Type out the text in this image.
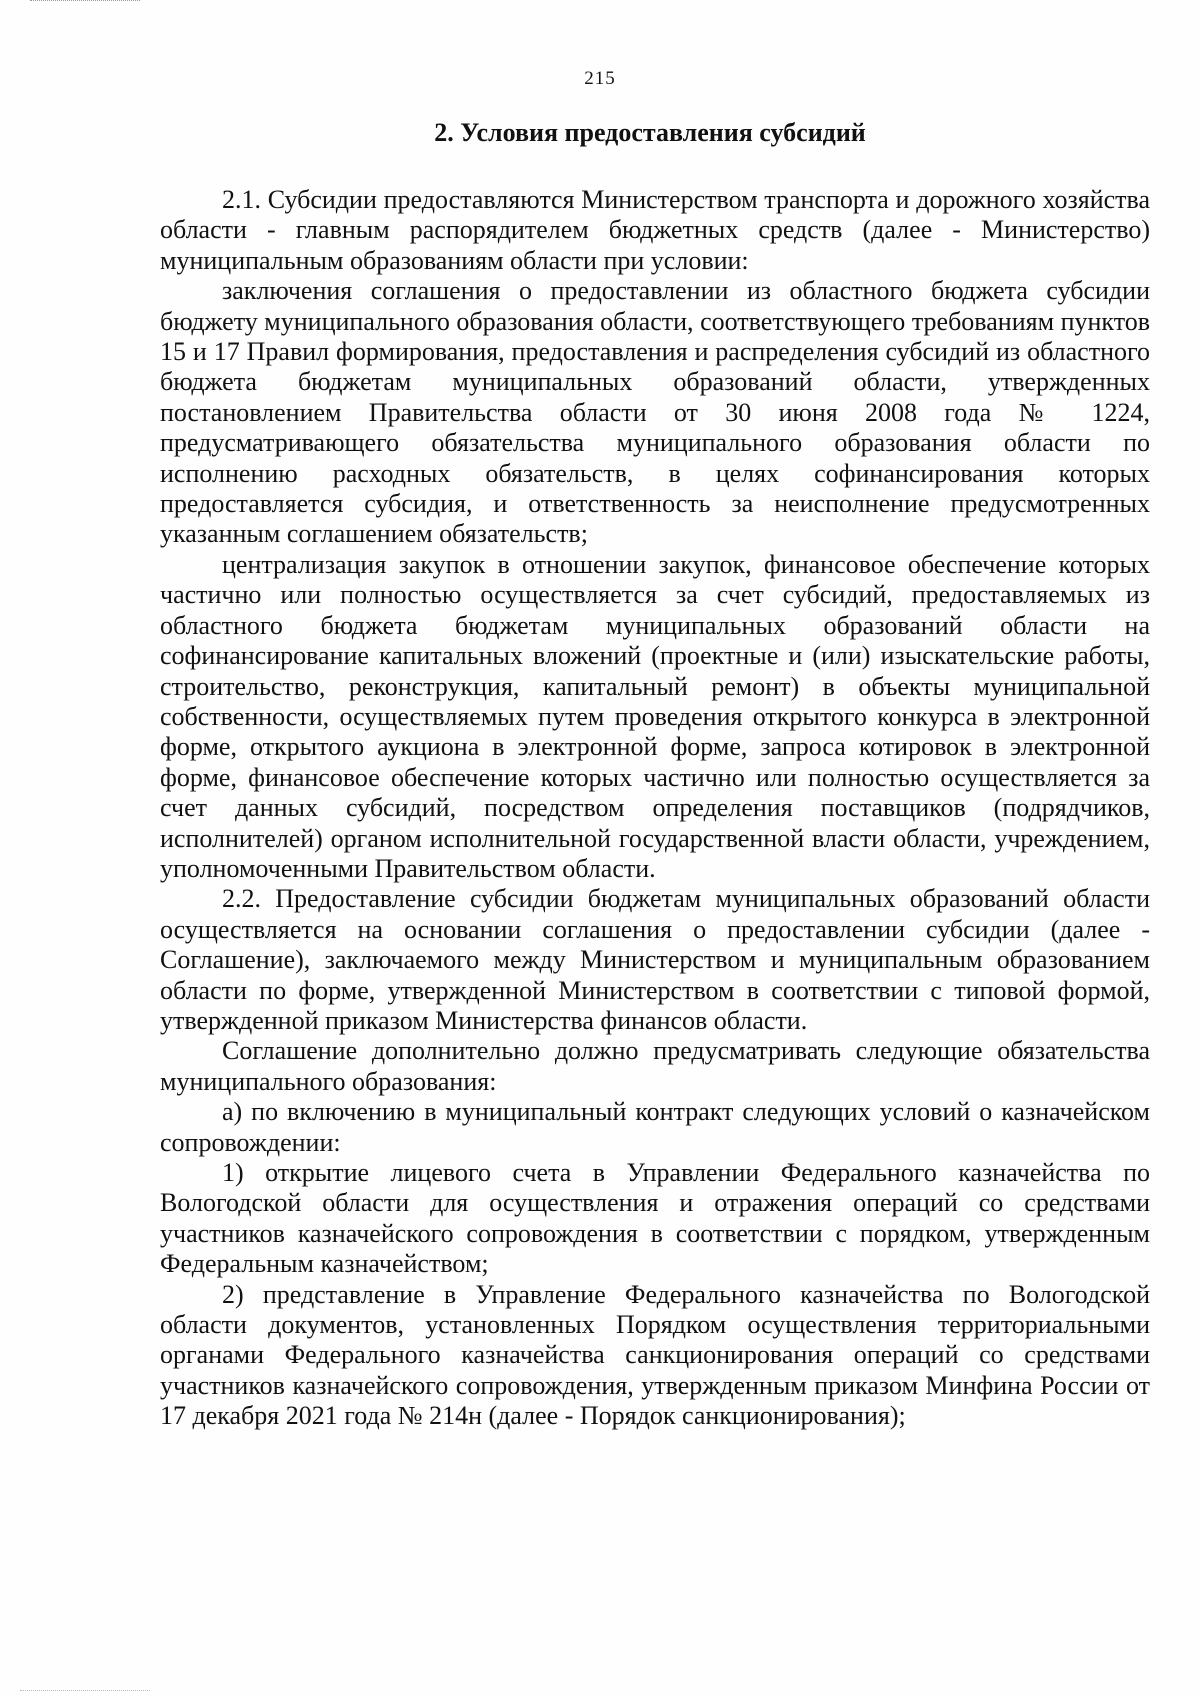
215
2. Условия предоставления субсидий

2.1. Субсидии предоставляются Министерством транспорта и дорожного хозяйства области - главным распорядителем бюджетных средств (далее - Министерство) муниципальным образованиям области при условии:

заключения соглашения о предоставлении из областного бюджета субсидии бюджету муниципального образования области, соответствующего требованиям пунктов 15 и 17 Правил формирования, предоставления и распределения субсидий из областного бюджета бюджетам муниципальных образований области, утвержденных постановлением Правительства области от 30 июня 2008 года № 1224, предусматривающего обязательства муниципального образования области по исполнению расходных обязательств, в целях софинансирования которых предоставляется субсидия, и ответственность за неисполнение предусмотренных указанным соглашением обязательств;

централизация закупок в отношении закупок, финансовое обеспечение которых частично или полностью осуществляется за счет субсидий, предоставляемых из областного бюджета бюджетам муниципальных образований области на софинансирование капитальных вложений (проектные и (или) изыскательские работы, строительство, реконструкция, капитальный ремонт) в объекты муниципальной собственности, осуществляемых путем проведения открытого конкурса в электронной форме, открытого аукциона в электронной форме, запроса котировок в электронной форме, финансовое обеспечение которых частично или полностью осуществляется за счет данных субсидий, посредством определения поставщиков (подрядчиков, исполнителей) органом исполнительной государственной власти области, учреждением, уполномоченными Правительством области.

2.2. Предоставление субсидии бюджетам муниципальных образований области осуществляется на основании соглашения о предоставлении субсидии (далее - Соглашение), заключаемого между Министерством и муниципальным образованием области по форме, утвержденной Министерством в соответствии с типовой формой, утвержденной приказом Министерства финансов области.

Соглашение дополнительно должно предусматривать следующие обязательства муниципального образования:

а) по включению в муниципальный контракт следующих условий о казначейском сопровождении:

1) открытие лицевого счета в Управлении Федерального казначейства по Вологодской области для осуществления и отражения операций со средствами участников казначейского сопровождения в соответствии с порядком, утвержденным Федеральным казначейством;

2) представление в Управление Федерального казначейства по Вологодской области документов, установленных Порядком осуществления территориальными органами Федерального казначейства санкционирования операций со средствами участников казначейского сопровождения, утвержденным приказом Минфина России от 17 декабря 2021 года № 214н (далее - Порядок санкционирования);
